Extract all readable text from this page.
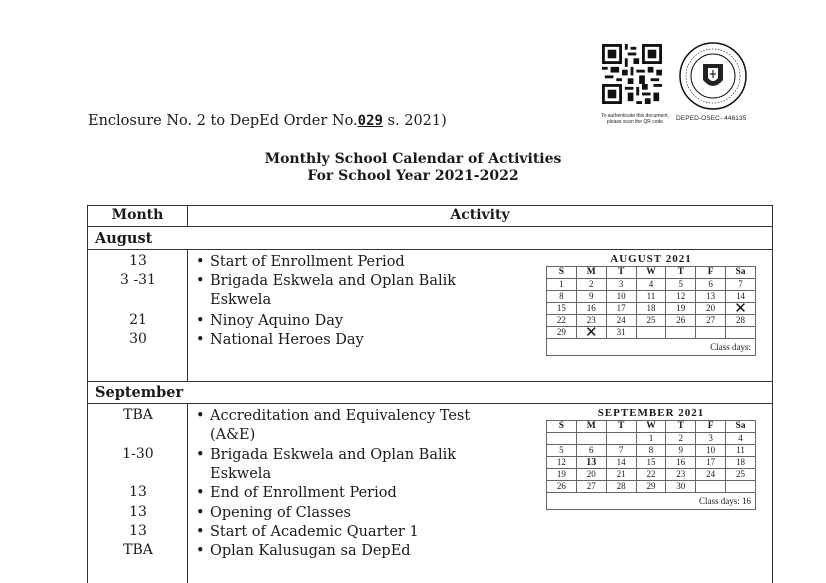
To authenticate this document, please scan the QR code	DEPED-OSEC- 446135
Enclosure No. 2 to DepEd Order No.029 s. 2021)
Monthly School Calendar of Activities
For School Year 2021-2022
Month	Activity
August
13	• Start of Enrollment Period
3 -31	• Brigada Eskwela and Oplan Balik
Eskwela
21	• Ninoy Aquino Day
30	• National Heroes Day
AUGUST 2021						
S	M	T	W	T	F	Sa
1	2	3	4	5	6	7
8	9	10	11	12	13	14
15	16	17	18	19	20	✕
22	23	24	25	26	27	28
29	✕	31				
Class days:						
September
TBA	• Accreditation and Equivalency Test
(A&E)
1-30	• Brigada Eskwela and Oplan Balik
Eskwela
13	• End of Enrollment Period
13	• Opening of Classes
13	• Start of Academic Quarter 1
TBA	• Oplan Kalusugan sa DepEd
SEPTEMBER 2021						
S	M	T	W	T	F	Sa
			1	2	3	4
5	6	7	8	9	10	11
12	13	14	15	16	17	18
19	20	21	22	23	24	25
26	27	28	29	30		
Class days: 16						
